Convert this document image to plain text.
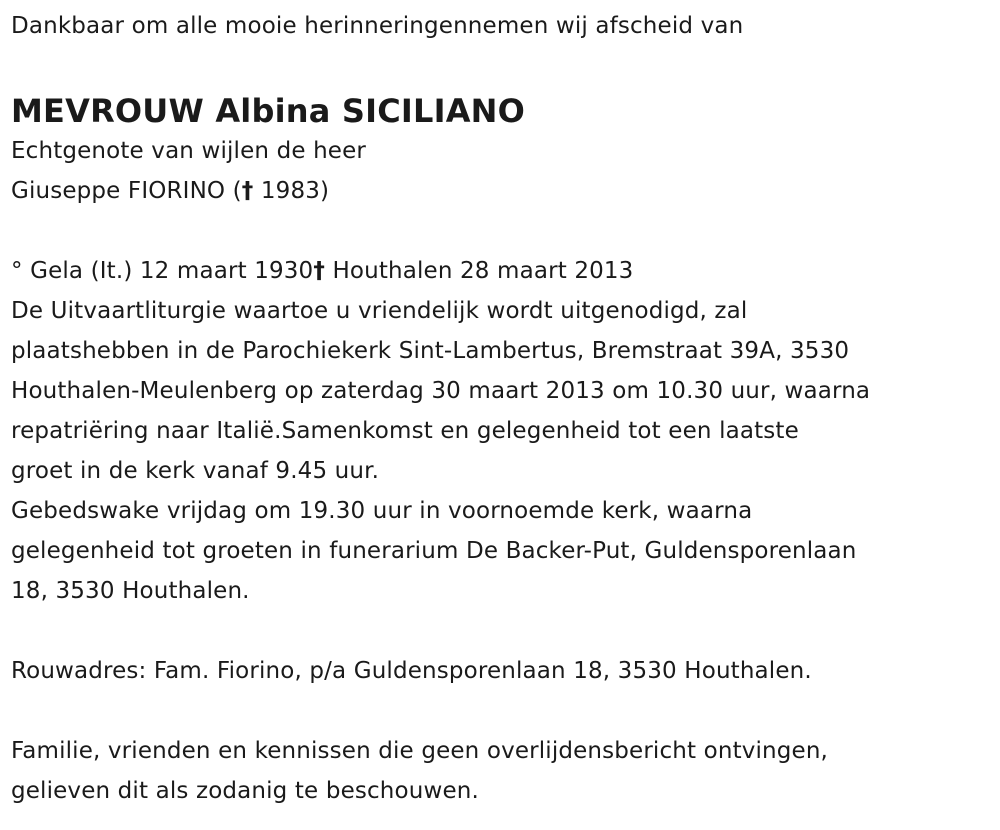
Dankbaar om alle mooie herinneringennemen wij afscheid van
MEVROUW Albina SICILIANO
Echtgenote van wijlen de heer
Giuseppe FIORINO († 1983)
° Gela (It.) 12 maart 1930† Houthalen 28 maart 2013
De Uitvaartliturgie waartoe u vriendelijk wordt uitgenodigd, zal
plaatshebben in de Parochiekerk Sint-Lambertus, Bremstraat 39A, 3530
Houthalen-Meulenberg op zaterdag 30 maart 2013 om 10.30 uur, waarna
repatriëring naar Italië.Samenkomst en gelegenheid tot een laatste
groet in de kerk vanaf 9.45 uur.
Gebedswake vrijdag om 19.30 uur in voornoemde kerk, waarna
gelegenheid tot groeten in funerarium De Backer-Put, Guldensporenlaan
18, 3530 Houthalen.
Rouwadres: Fam. Fiorino, p/a Guldensporenlaan 18, 3530 Houthalen.
Familie, vrienden en kennissen die geen overlijdensbericht ontvingen,
gelieven dit als zodanig te beschouwen.
